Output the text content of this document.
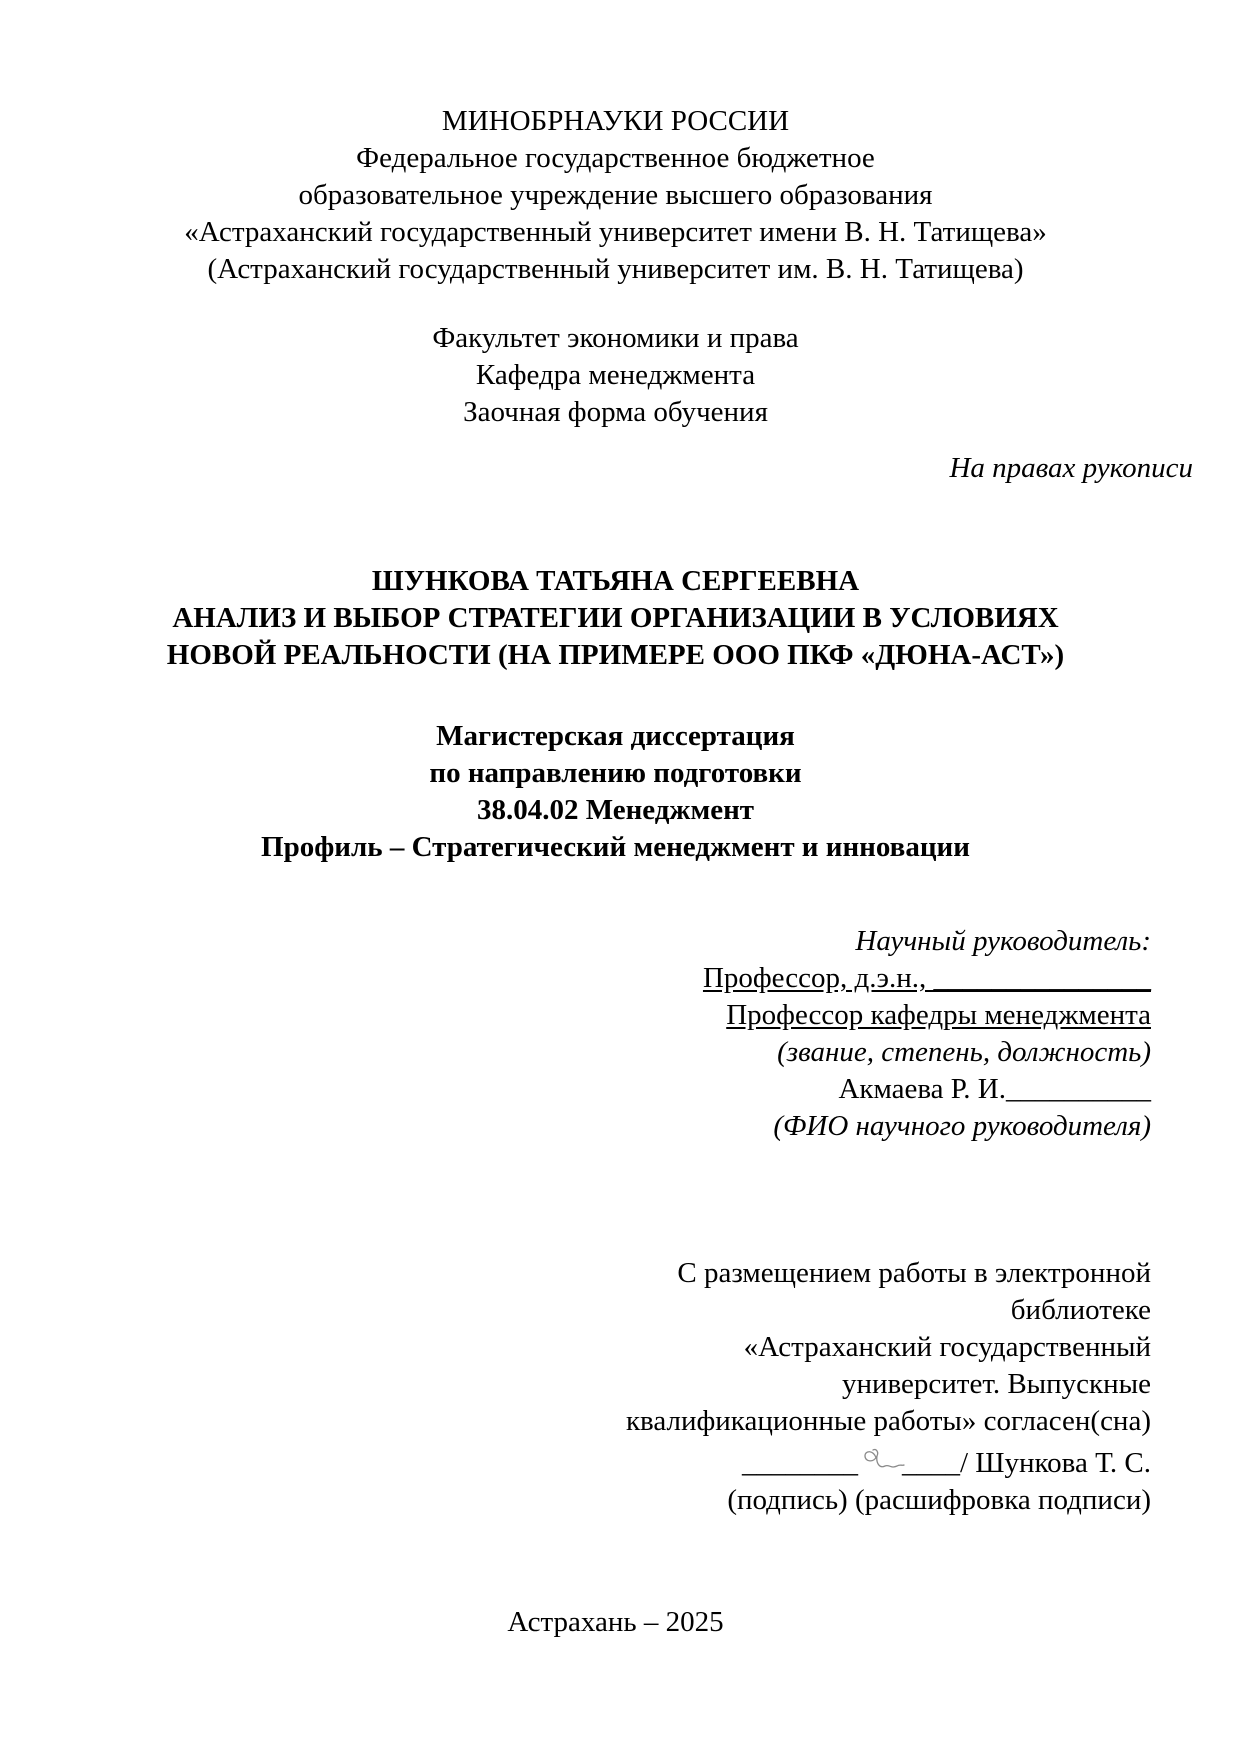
МИНОБРНАУКИ РОССИИ
Федеральное государственное бюджетное
образовательное учреждение высшего образования
«Астраханский государственный университет имени В. Н. Татищева»
(Астраханский государственный университет им. В. Н. Татищева)
Факультет экономики и права
Кафедра менеджмента
Заочная форма обучения
На правах рукописи
ШУНКОВА ТАТЬЯНА СЕРГЕЕВНА
АНАЛИЗ И ВЫБОР СТРАТЕГИИ ОРГАНИЗАЦИИ В УСЛОВИЯХ
НОВОЙ РЕАЛЬНОСТИ (НА ПРИМЕРЕ ООО ПКФ «ДЮНА-АСТ»)
Магистерская диссертация
по направлению подготовки
38.04.02 Менеджмент
Профиль – Стратегический менеджмент и инновации
Научный руководитель:
Профессор, д.э.н., _______________
Профессор кафедры менеджмента
(звание, степень, должность)
Акмаева Р. И.__________
(ФИО научного руководителя)
С размещением работы в электронной
библиотеке
«Астраханский государственный
университет. Выпускные
квалификационные работы» согласен(сна)
________ ____/ Шункова Т. С.
(подпись) (расшифровка подписи)
Астрахань – 2025
